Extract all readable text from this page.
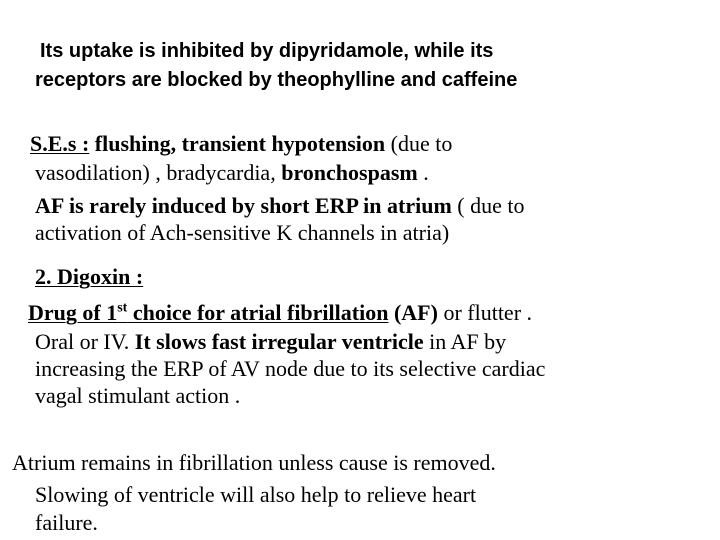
Its uptake is inhibited by dipyridamole, while its
receptors are blocked by theophylline and caffeine
S.E.s : flushing, transient hypotension (due to
vasodilation) , bradycardia, bronchospasm .
AF is rarely induced by short ERP in atrium ( due to
activation of Ach-sensitive K channels in atria)
2. Digoxin :
Drug of 1st choice for atrial fibrillation (AF) or flutter .
Oral or IV. It slows fast irregular ventricle in AF by
increasing the ERP of AV node due to its selective cardiac
vagal stimulant action .
Atrium remains in fibrillation unless cause is removed.
Slowing of ventricle will also help to relieve heart
failure.
